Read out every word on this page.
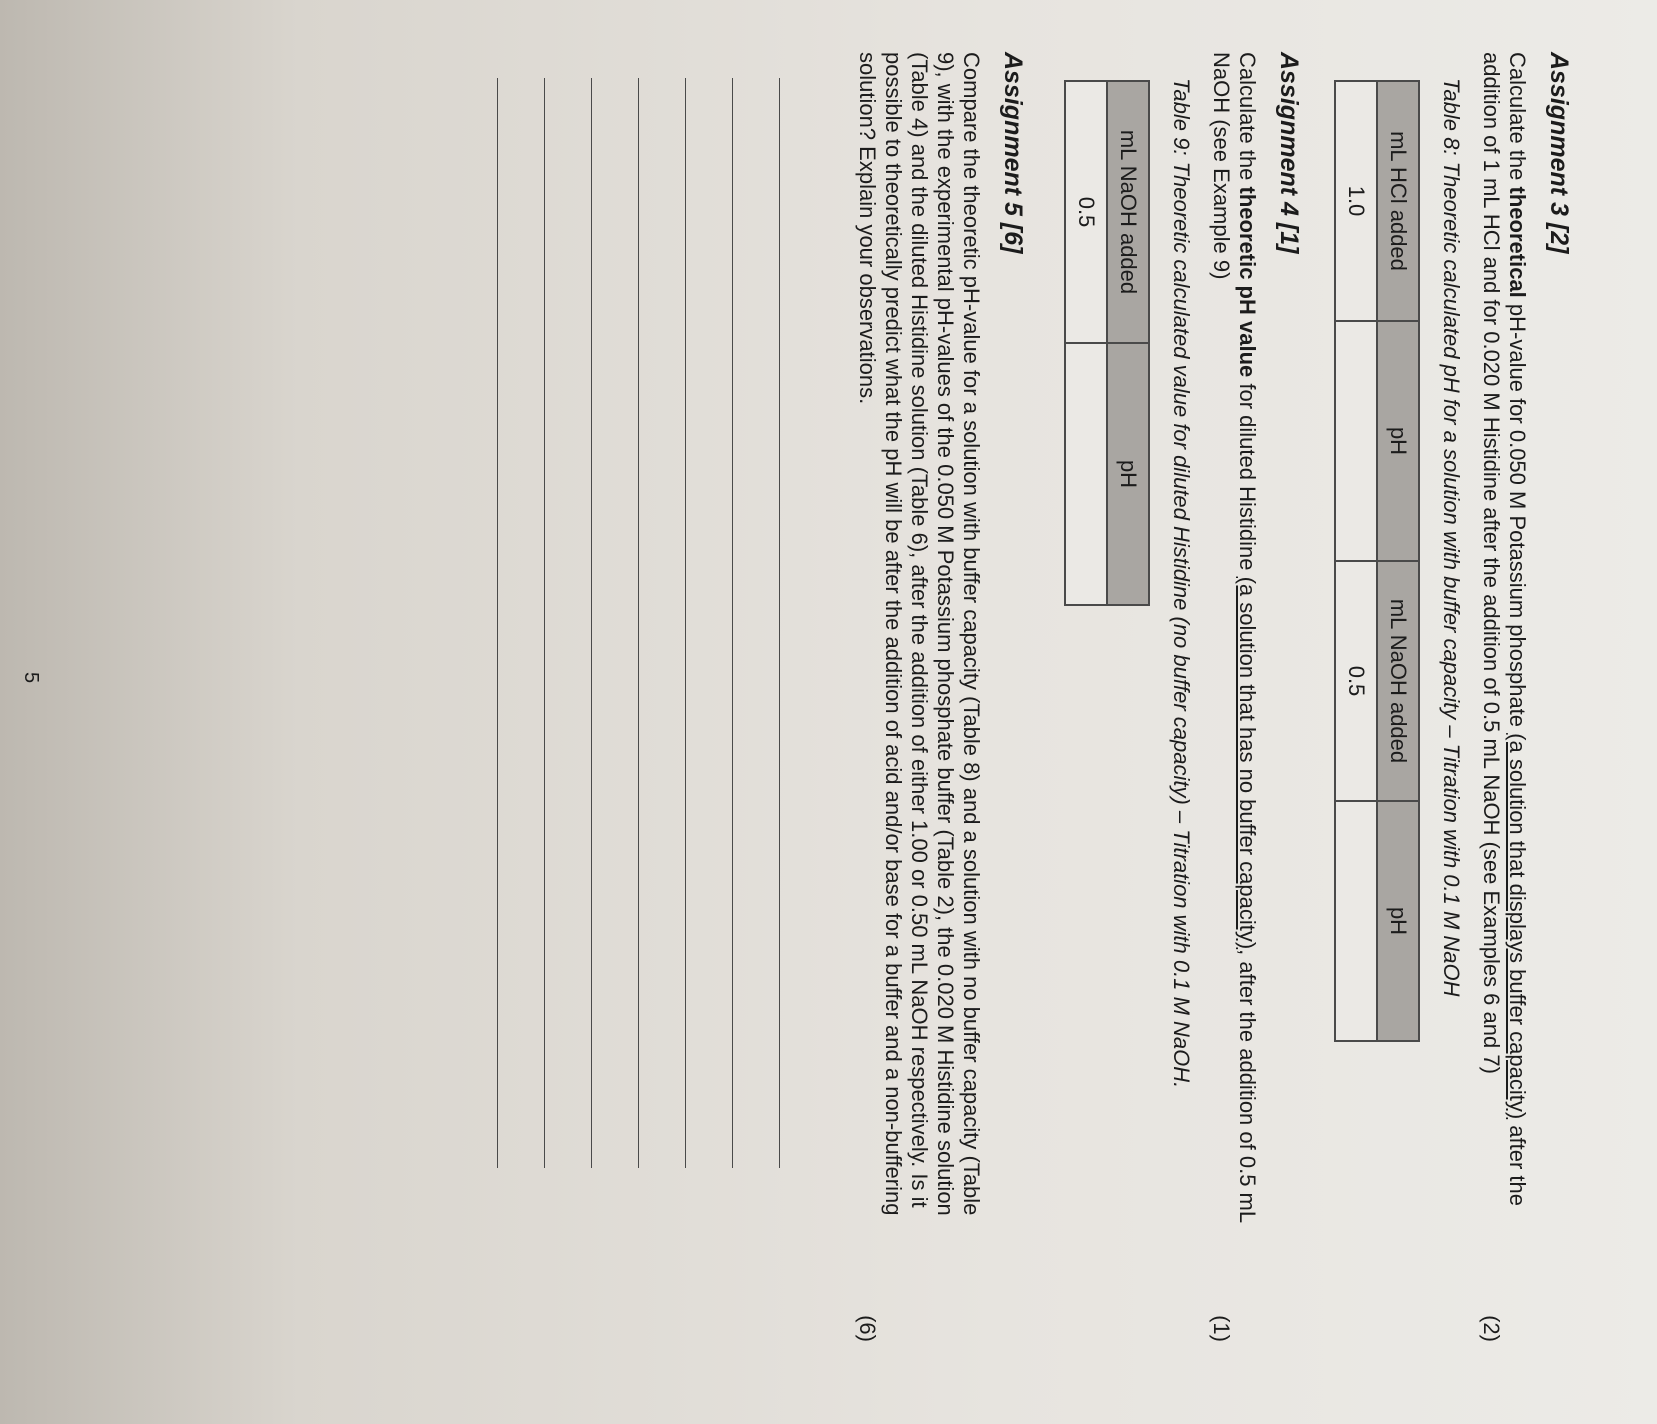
Assignment 3 [2]

Calculate the theoretical pH-value for 0.050 M Potassium phosphate (a solution that displays buffer capacity) after the addition of 1 mL HCl and for 0.020 M Histidine after the addition of 0.5 mL NaOH (see Examples 6 and 7)
(2)

Table 8: Theoretic calculated pH for a solution with buffer capacity – Titration with 0.1 M NaOH
mL HCl added	pH	mL NaOH added	pH
1.0		0.5	
Assignment 4 [1]

Calculate the theoretic pH value for diluted Histidine (a solution that has no buffer capacity), after the addition of 0.5 mL NaOH (see Example 9)
(1)

Table 9: Theoretic calculated value for diluted Histidine (no buffer capacity) – Titration with 0.1 M NaOH.
mL NaOH added	pH
0.5	
Assignment 5 [6]

Compare the theoretic pH-value for a solution with buffer capacity (Table 8) and a solution with no buffer capacity (Table 9), with the experimental pH-values of the 0.050 M Potassium phosphate buffer (Table 2), the 0.020 M Histidine solution (Table 4) and the diluted Histidine solution (Table 6), after the addition of either 1.00 or 0.50 mL NaOH respectively. Is it possible to theoretically predict what the pH will be after the addition of acid and/or base for a buffer and a non-buffering solution? Explain your observations.
(6)

5
